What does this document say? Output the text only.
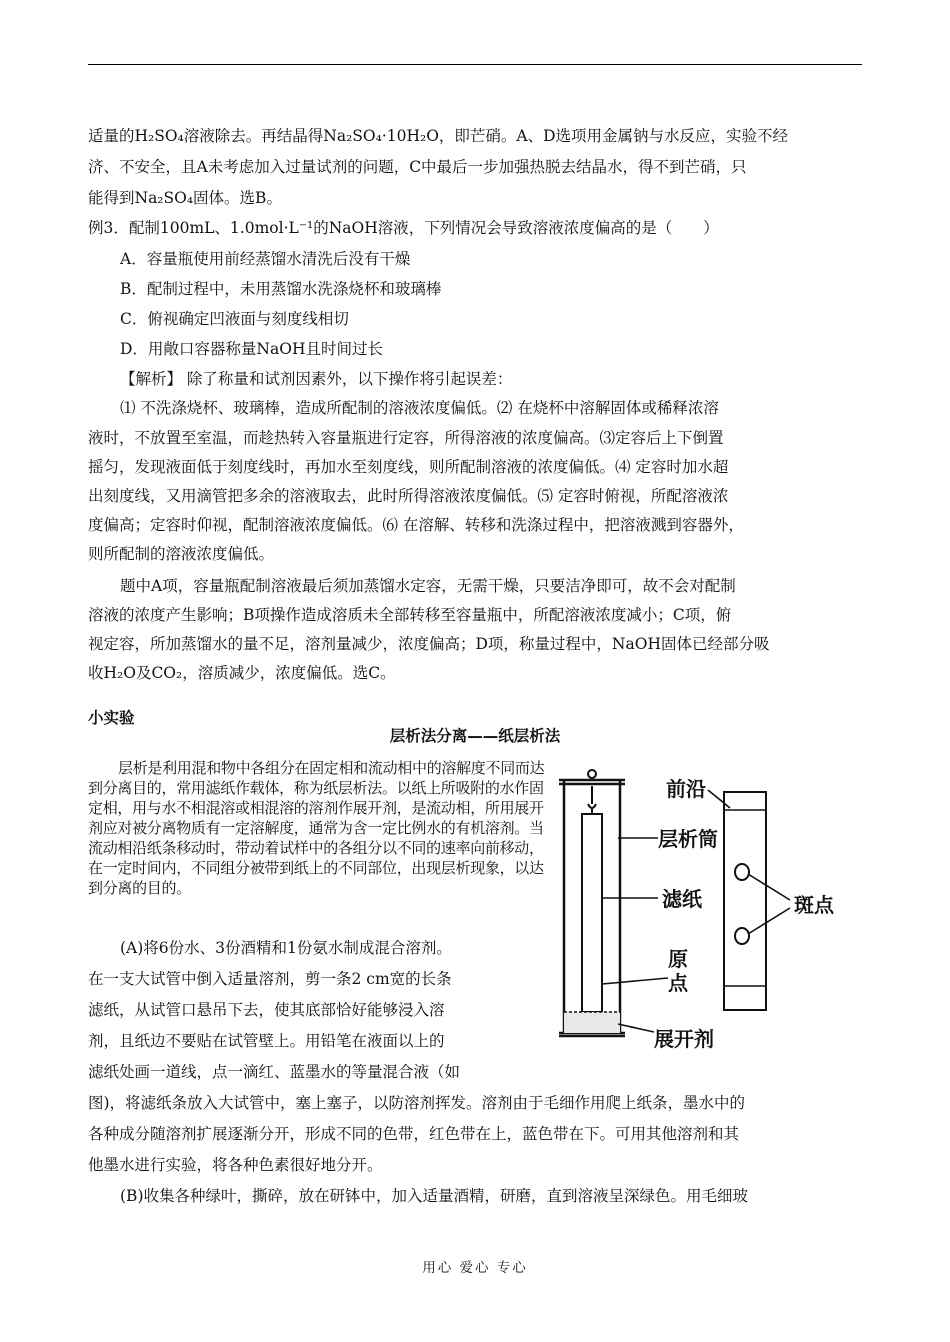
适量的H₂SO₄溶液除去。再结晶得Na₂SO₄·10H₂O，即芒硝。A、D选项用金属钠与水反应，实验不经
济、不安全，且A未考虑加入过量试剂的问题，C中最后一步加强热脱去结晶水，得不到芒硝，只
能得到Na₂SO₄固体。选B。
例3．配制100mL、1.0mol·L⁻¹的NaOH溶液，下列情况会导致溶液浓度偏高的是（　　）
A．容量瓶使用前经蒸馏水清洗后没有干燥
B．配制过程中，未用蒸馏水洗涤烧杯和玻璃棒
C．俯视确定凹液面与刻度线相切
D．用敞口容器称量NaOH且时间过长
【解析】 除了称量和试剂因素外，以下操作将引起误差：
⑴ 不洗涤烧杯、玻璃棒，造成所配制的溶液浓度偏低。⑵ 在烧杯中溶解固体或稀释浓溶
液时，不放置至室温，而趁热转入容量瓶进行定容，所得溶液的浓度偏高。⑶定容后上下倒置
摇匀，发现液面低于刻度线时，再加水至刻度线，则所配制溶液的浓度偏低。⑷ 定容时加水超
出刻度线，又用滴管把多余的溶液取去，此时所得溶液浓度偏低。⑸ 定容时俯视，所配溶液浓
度偏高；定容时仰视，配制溶液浓度偏低。⑹ 在溶解、转移和洗涤过程中，把溶液溅到容器外，
则所配制的溶液浓度偏低。
题中A项，容量瓶配制溶液最后须加蒸馏水定容，无需干燥，只要洁净即可，故不会对配制
溶液的浓度产生影响；B项操作造成溶质未全部转移至容量瓶中，所配溶液浓度减小；C项，俯
视定容，所加蒸馏水的量不足，溶剂量减少，浓度偏高；D项，称量过程中，NaOH固体已经部分吸
收H₂O及CO₂，溶质减少，浓度偏低。选C。
小实验
层析法分离——纸层析法
层析是利用混和物中各组分在固定相和流动相中的溶解度不同而达到分离目的，常用滤纸作载体，称为纸层析法。以纸上所吸附的水作固定相，用与水不相混溶或相混溶的溶剂作展开剂，是流动相，所用展开剂应对被分离物质有一定溶解度，通常为含一定比例水的有机溶剂。当流动相沿纸条移动时，带动着试样中的各组分以不同的速率向前移动，在一定时间内，不同组分被带到纸上的不同部位，出现层析现象，以达到分离的目的。
(A)将6份水、3份酒精和1份氨水制成混合溶剂。
在一支大试管中倒入适量溶剂，剪一条2 cm宽的长条
滤纸，从试管口悬吊下去，使其底部恰好能够浸入溶
剂，且纸边不要贴在试管壁上。用铅笔在液面以上的
滤纸处画一道线，点一滴红、蓝墨水的等量混合液（如
图)，将滤纸条放入大试管中，塞上塞子，以防溶剂挥发。溶剂由于毛细作用爬上纸条，墨水中的
各种成分随溶剂扩展逐渐分开，形成不同的色带，红色带在上，蓝色带在下。可用其他溶剂和其
他墨水进行实验，将各种色素很好地分开。
(B)收集各种绿叶，撕碎，放在研钵中，加入适量酒精，研磨，直到溶液呈深绿色。用毛细玻
前沿
层析筒
滤纸	斑点
原
点
展开剂
用心 爱心 专心
